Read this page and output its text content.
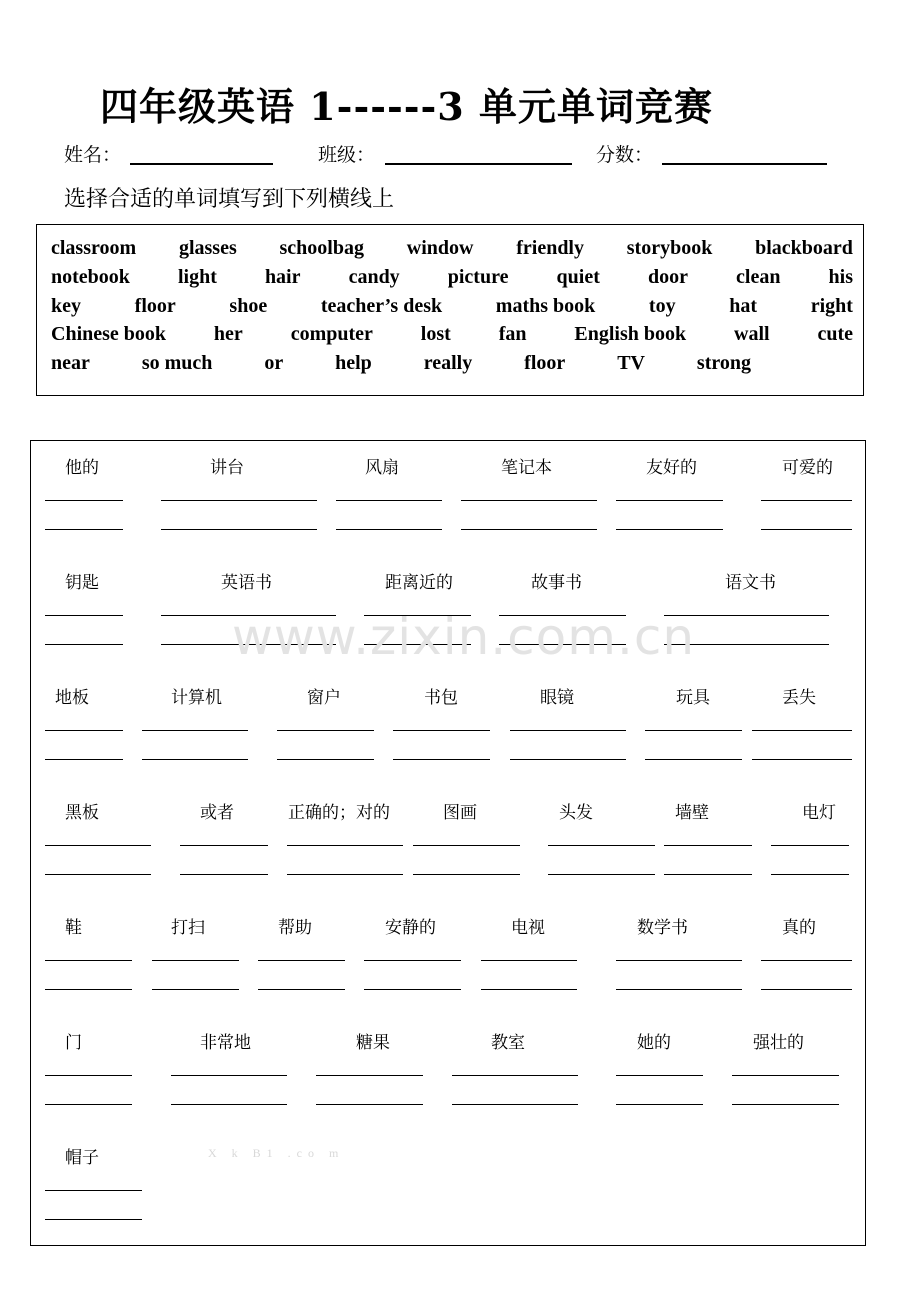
四年级英语 1------3 单元单词竞赛
姓名：	班级：	分数：
选择合适的单词填写到下列横线上
classroom glasses schoolbag window friendly storybook blackboard
notebook light hair candy picture quiet door clean his
key	floor	shoe	teacher’s desk	maths book	toy	hat	right
Chinese book her computer lost fan English book wall cute
near	so much	or	help	really	floor	TV	strong
他的	讲台	风扇	笔记本	友好的	可爱的
钥匙	英语书	距离近的	故事书	语文书
地板	计算机	窗户	书包	眼镜	玩具	丢失
黑板	或者	正确的；对的	图画	头发	墙壁	电灯
鞋	打扫	帮助	安静的	电视	数学书	真的
门	非常地	糖果	教室	她的	强壮的
帽子
www.zixin.com.cn
X k B1 .co m
